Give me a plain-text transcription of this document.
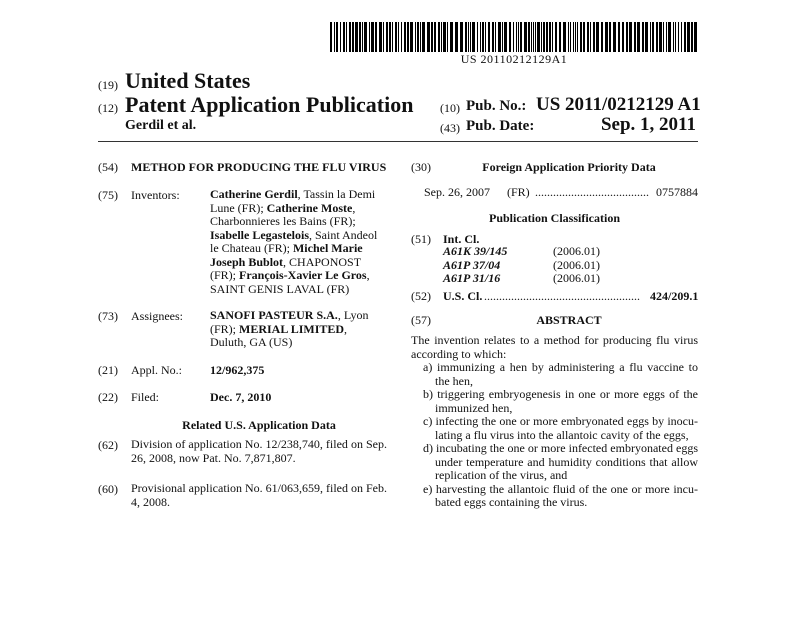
US 20110212129A1
(19) United States
(12) Patent Application Publication
Gerdil et al.
(10) Pub. No.: US 2011/0212129 A1
(43) Pub. Date:	Sep. 1, 2011
(54) METHOD FOR PRODUCING THE FLU VIRUS
(75) Inventors:	Catherine Gerdil, Tassin la Demi Lune (FR); Catherine Moste, Charbonnieres les Bains (FR); Isabelle Legastelois, Saint Andeol le Chateau (FR); Michel Marie Joseph Bublot, CHAPONOST (FR); François-Xavier Le Gros, SAINT GENIS LAVAL (FR)
(73) Assignees: SANOFI PASTEUR S.A., Lyon (FR); MERIAL LIMITED, Duluth, GA (US)
(21) Appl. No.: 12/962,375
(22) Filed:	Dec. 7, 2010
Related U.S. Application Data
(62) Division of application No. 12/238,740, filed on Sep. 26, 2008, now Pat. No. 7,871,807.
(60) Provisional application No. 61/063,659, filed on Feb. 4, 2008.
(30)	Foreign Application Priority Data
Sep. 26, 2007 (FR) ...................................... 0757884
Publication Classification
(51) Int. Cl.
A61K 39/145	(2006.01)
A61P 37/04	(2006.01)
A61P 31/16	(2006.01)
(52) U.S. Cl. .................................................... 424/209.1
(57)	ABSTRACT
The invention relates to a method for producing flu virus according to which:
a) immunizing a hen by administering a flu vaccine to the hen,
b) triggering embryogenesis in one or more eggs of the immunized hen,
c) infecting the one or more embryonated eggs by inocu-lating a flu virus into the allantoic cavity of the eggs,
d) incubating the one or more infected embryonated eggs under temperature and humidity conditions that allow replication of the virus, and
e) harvesting the allantoic fluid of the one or more incu-bated eggs containing the virus.
